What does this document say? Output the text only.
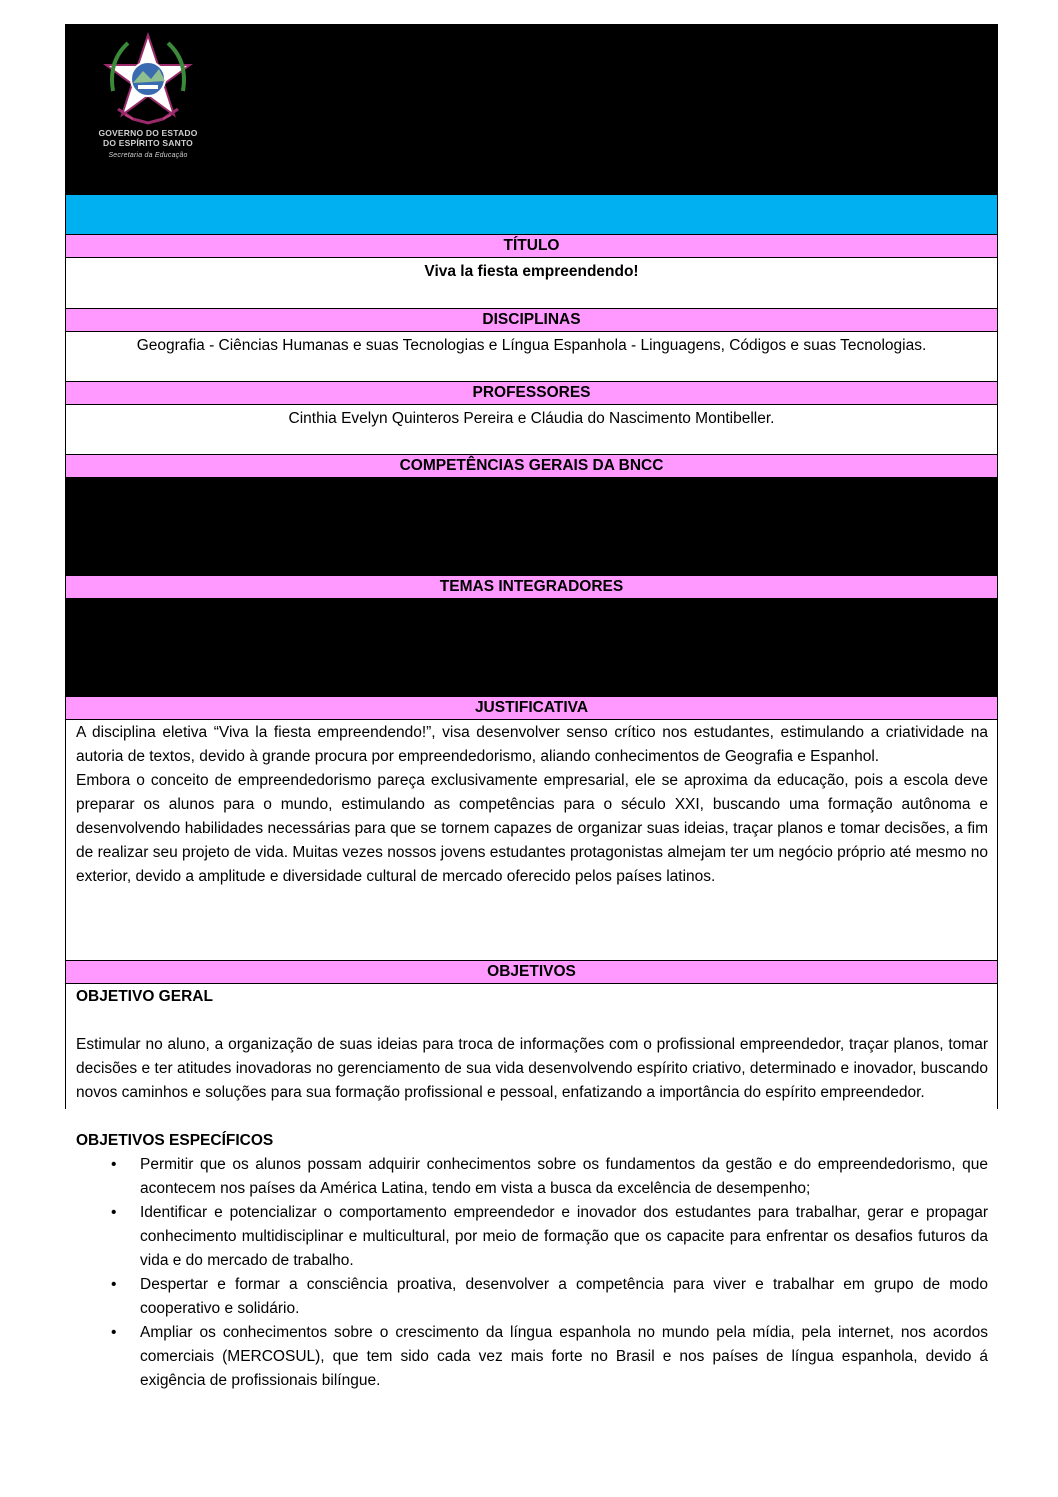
GOVERNO DO ESTADO
DO ESPÍRITO SANTO
Secretaria da Educação
TÍTULO
Viva la fiesta empreendendo!
DISCIPLINAS
Geografia - Ciências Humanas e suas Tecnologias e Língua Espanhola - Linguagens, Códigos e suas Tecnologias.
PROFESSORES
Cinthia Evelyn Quinteros Pereira e Cláudia do Nascimento Montibeller.
COMPETÊNCIAS GERAIS DA BNCC
TEMAS INTEGRADORES
JUSTIFICATIVA

A disciplina eletiva “Viva la fiesta empreendendo!”, visa desenvolver senso crítico nos estudantes, estimulando a criatividade na autoria de textos, devido à grande procura por empreendedorismo, aliando conhecimentos de Geografia e Espanhol.

Embora o conceito de empreendedorismo pareça exclusivamente empresarial, ele se aproxima da educação, pois a escola deve preparar os alunos para o mundo, estimulando as competências para o século XXI, buscando uma formação autônoma e desenvolvendo habilidades necessárias para que se tornem capazes de organizar suas ideias, traçar planos e tomar decisões, a fim de realizar seu projeto de vida. Muitas vezes nossos jovens estudantes protagonistas almejam ter um negócio próprio até mesmo no exterior, devido a amplitude e diversidade cultural de mercado oferecido pelos países latinos.

OBJETIVOS

OBJETIVO GERAL

Estimular no aluno, a organização de suas ideias para troca de informações com o profissional empreendedor, traçar planos, tomar decisões e ter atitudes inovadoras no gerenciamento de sua vida desenvolvendo espírito criativo, determinado e inovador, buscando novos caminhos e soluções para sua formação profissional e pessoal, enfatizando a importância do espírito empreendedor.

OBJETIVOS ESPECÍFICOS

• Permitir que os alunos possam adquirir conhecimentos sobre os fundamentos da gestão e do empreendedorismo, que acontecem nos países da América Latina, tendo em vista a busca da excelência de desempenho;
• Identificar e potencializar o comportamento empreendedor e inovador dos estudantes para trabalhar, gerar e propagar conhecimento multidisciplinar e multicultural, por meio de formação que os capacite para enfrentar os desafios futuros da vida e do mercado de trabalho.
• Despertar e formar a consciência proativa, desenvolver a competência para viver e trabalhar em grupo de modo cooperativo e solidário.
• Ampliar os conhecimentos sobre o crescimento da língua espanhola no mundo pela mídia, pela internet, nos acordos comerciais (MERCOSUL), que tem sido cada vez mais forte no Brasil e nos países de língua espanhola, devido á exigência de profissionais bilíngue.
